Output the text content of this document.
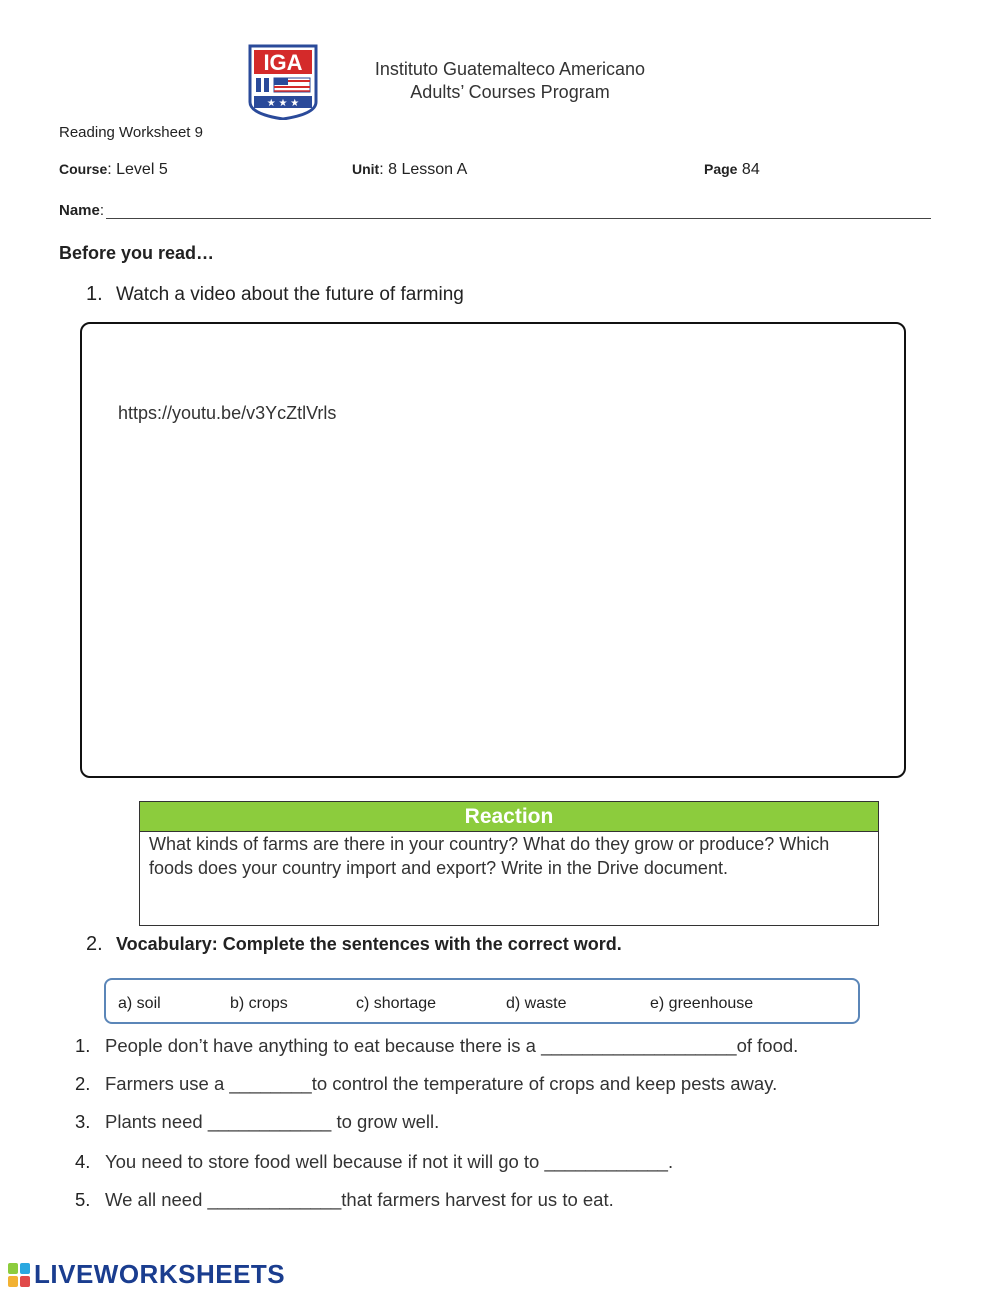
IGA
★ ★ ★
Instituto Guatemalteco Americano
Adults’ Courses Program
Reading Worksheet 9
Course: Level 5	Unit: 8 Lesson A	Page 84
Name :
Before you read…
1. Watch a video about the future of farming
https://youtu.be/v3YcZtlVrls
Reaction
What kinds of farms are there in your country? What do they grow or produce? Which foods does your country import and export? Write in the Drive document.
2. Vocabulary: Complete the sentences with the correct word.
a) soil	b) crops	c) shortage	d) waste	e) greenhouse
1. People don’t have anything to eat because there is a ___________________of food.
2. Farmers use a ________to control the temperature of crops and keep pests away.
3. Plants need ____________ to grow well.
4. You need to store food well because if not it will go to ____________.
5. We all need _____________that farmers harvest for us to eat.
LIVEWORKSHEETS
